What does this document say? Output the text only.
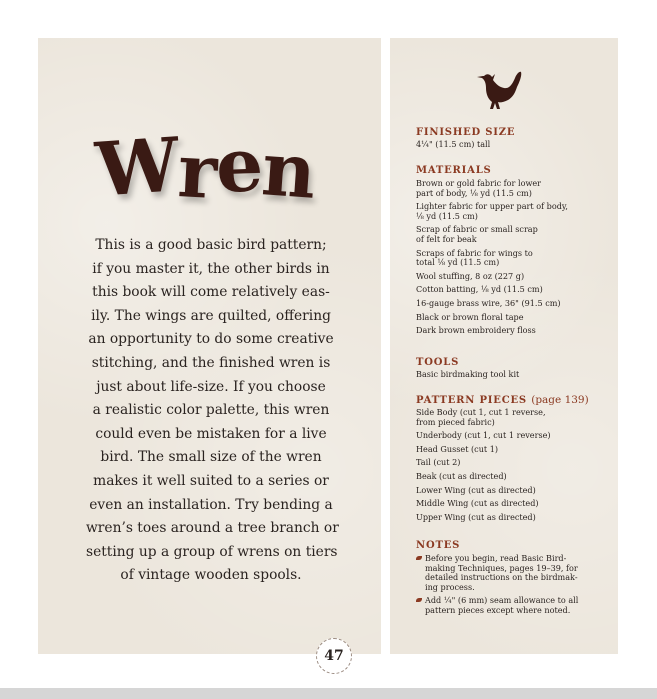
Wren

This is a good basic bird pattern;
if you master it, the other birds in
this book will come relatively eas-
ily. The wings are quilted, offering
an opportunity to do some creative
stitching, and the finished wren is
just about life-size. If you choose
a realistic color palette, this wren
could even be mistaken for a live
bird. The small size of the wren
makes it well suited to a series or
even an installation. Try bending a
wren’s toes around a tree branch or
setting up a group of wrens on tiers
of vintage wooden spools.

47
FINISHED SIZE

4¼" (11.5 cm) tall

MATERIALS

Brown or gold fabric for lower
part of body, ⅛ yd (11.5 cm)

Lighter fabric for upper part of body,
⅛ yd (11.5 cm)

Scrap of fabric or small scrap
of felt for beak

Scraps of fabric for wings to
total ⅛ yd (11.5 cm)

Wool stuffing, 8 oz (227 g)

Cotton batting, ⅛ yd (11.5 cm)

16-gauge brass wire, 36" (91.5 cm)

Black or brown floral tape

Dark brown embroidery floss

TOOLS

Basic birdmaking tool kit

PATTERN PIECES (page 139)

Side Body (cut 1, cut 1 reverse,
from pieced fabric)

Underbody (cut 1, cut 1 reverse)

Head Gusset (cut 1)

Tail (cut 2)

Beak (cut as directed)

Lower Wing (cut as directed)

Middle Wing (cut as directed)

Upper Wing (cut as directed)

NOTES

Before you begin, read Basic Bird-
making Techniques, pages 19–39, for
detailed instructions on the birdmak-
ing process.

Add ¼" (6 mm) seam allowance to all
pattern pieces except where noted.
